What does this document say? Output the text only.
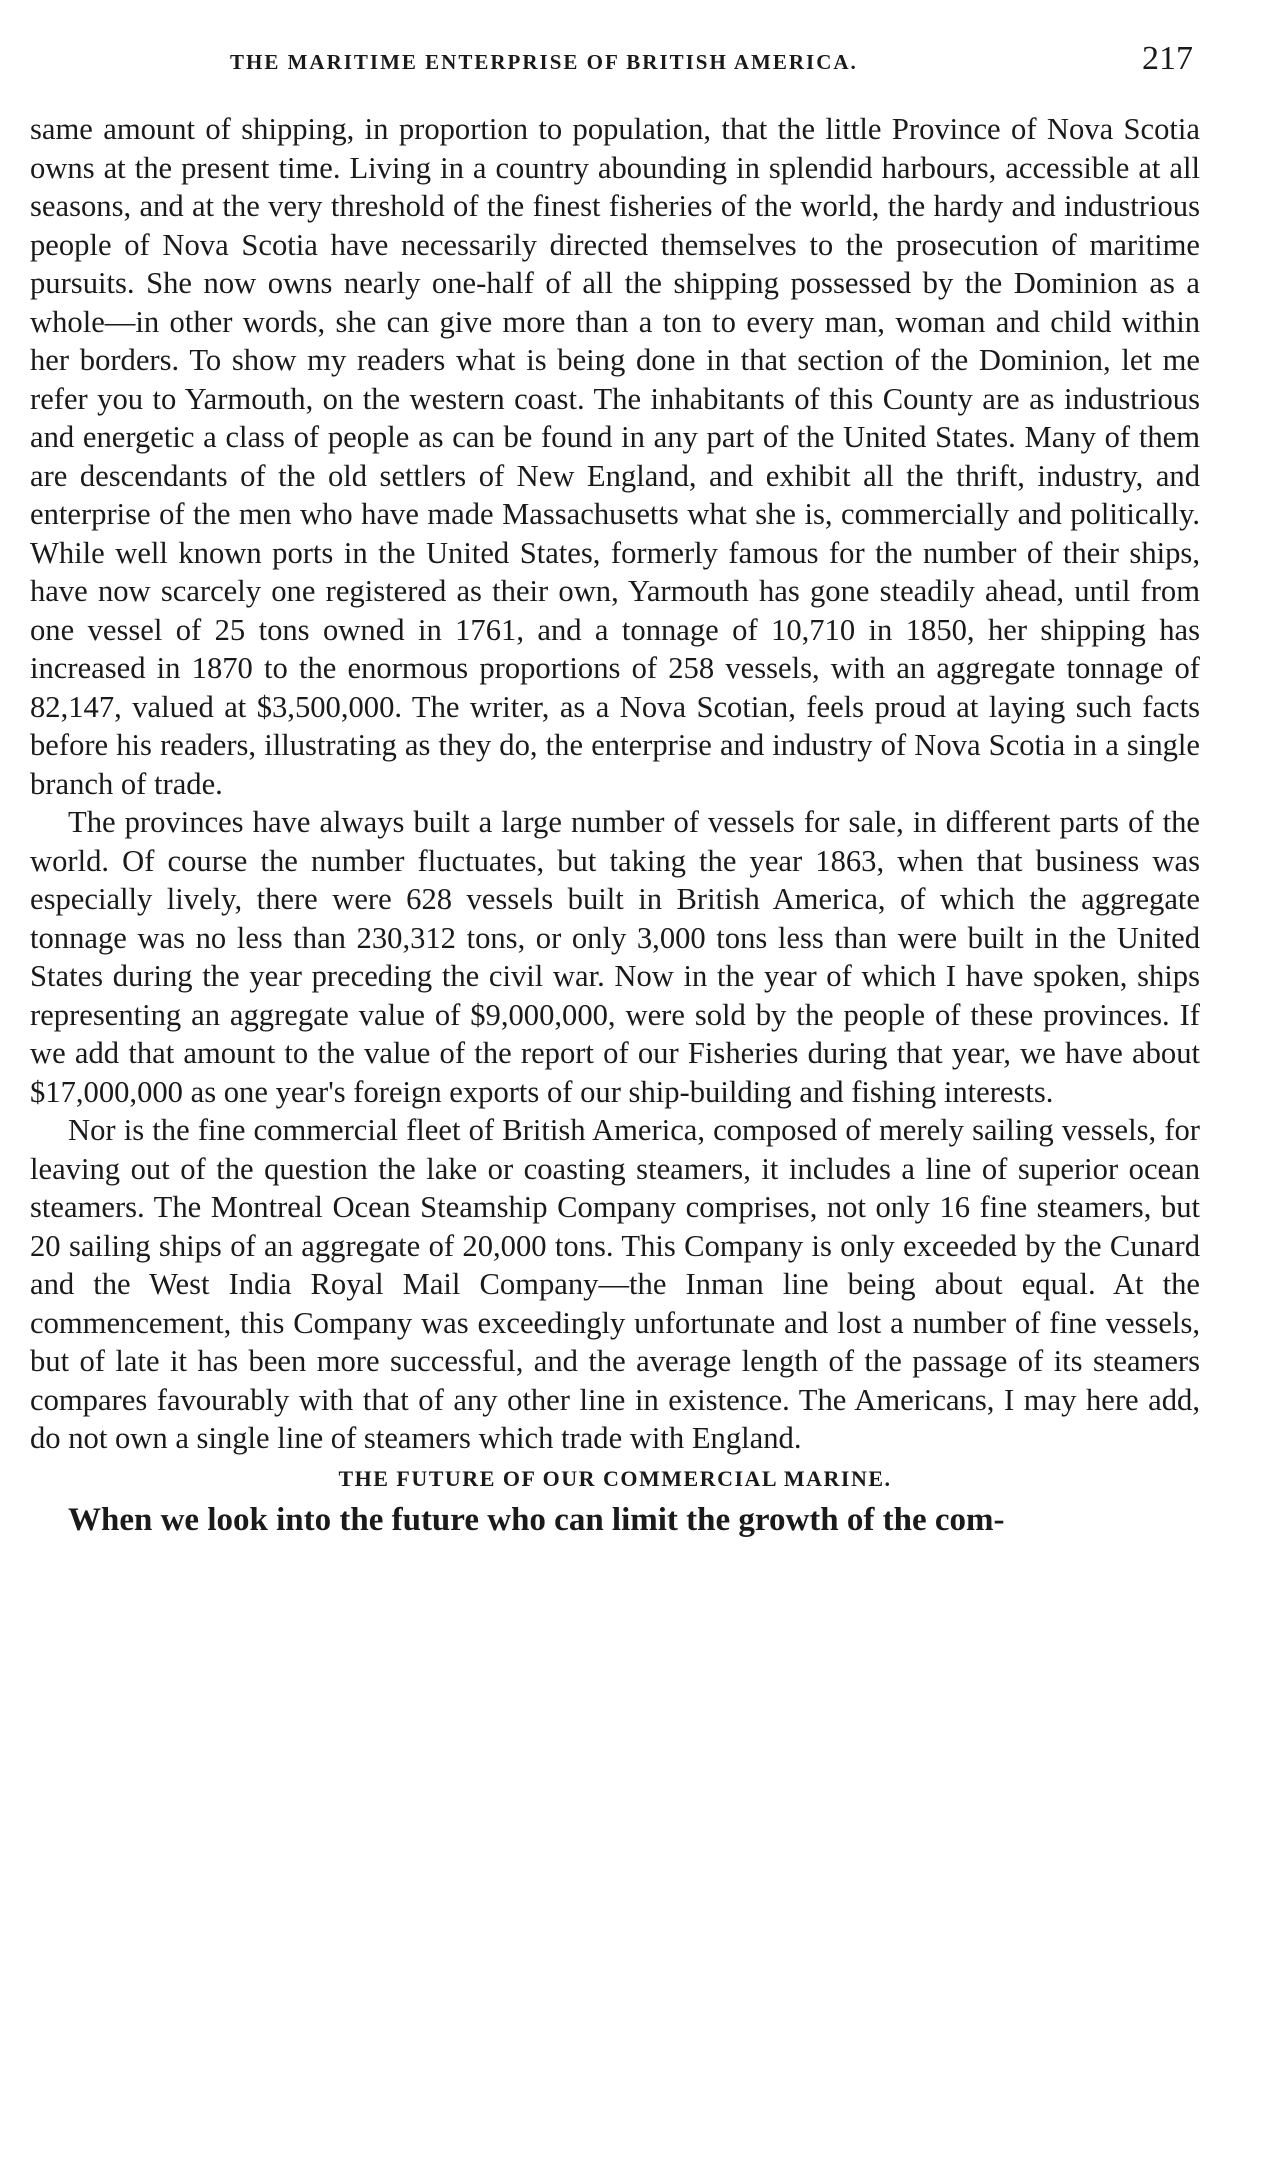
THE MARITIME ENTERPRISE OF BRITISH AMERICA.	217

same amount of shipping, in proportion to population, that the little Province of Nova Scotia owns at the present time. Living in a country abounding in splendid harbours, accessible at all seasons, and at the very threshold of the finest fisheries of the world, the hardy and industrious people of Nova Scotia have necessarily directed themselves to the prosecution of maritime pursuits. She now owns nearly one-half of all the shipping possessed by the Dominion as a whole—in other words, she can give more than a ton to every man, woman and child within her borders. To show my readers what is being done in that section of the Dominion, let me refer you to Yarmouth, on the western coast. The inhabitants of this County are as industrious and energetic a class of people as can be found in any part of the United States. Many of them are descendants of the old settlers of New England, and exhibit all the thrift, industry, and enterprise of the men who have made Massachusetts what she is, commercially and politically. While well known ports in the United States, formerly famous for the number of their ships, have now scarcely one registered as their own, Yarmouth has gone steadily ahead, until from one vessel of 25 tons owned in 1761, and a tonnage of 10,710 in 1850, her shipping has increased in 1870 to the enormous proportions of 258 vessels, with an aggregate tonnage of 82,147, valued at $3,500,000. The writer, as a Nova Scotian, feels proud at laying such facts before his readers, illustrating as they do, the enterprise and industry of Nova Scotia in a single branch of trade.

The provinces have always built a large number of vessels for sale, in different parts of the world. Of course the number fluctuates, but taking the year 1863, when that business was especially lively, there were 628 vessels built in British America, of which the aggregate tonnage was no less than 230,312 tons, or only 3,000 tons less than were built in the United States during the year preceding the civil war. Now in the year of which I have spoken, ships representing an aggregate value of $9,000,000, were sold by the people of these provinces. If we add that amount to the value of the report of our Fisheries during that year, we have about $17,000,000 as one year's foreign exports of our ship-building and fishing interests.

Nor is the fine commercial fleet of British America, composed of merely sailing vessels, for leaving out of the question the lake or coasting steamers, it includes a line of superior ocean steamers. The Montreal Ocean Steamship Company comprises, not only 16 fine steamers, but 20 sailing ships of an aggregate of 20,000 tons. This Company is only exceeded by the Cunard and the West India Royal Mail Company—the Inman line being about equal. At the commencement, this Company was exceedingly unfortunate and lost a number of fine vessels, but of late it has been more successful, and the average length of the passage of its steamers compares favourably with that of any other line in existence. The Americans, I may here add, do not own a single line of steamers which trade with England.

THE FUTURE OF OUR COMMERCIAL MARINE.

When we look into the future who can limit the growth of the com-
